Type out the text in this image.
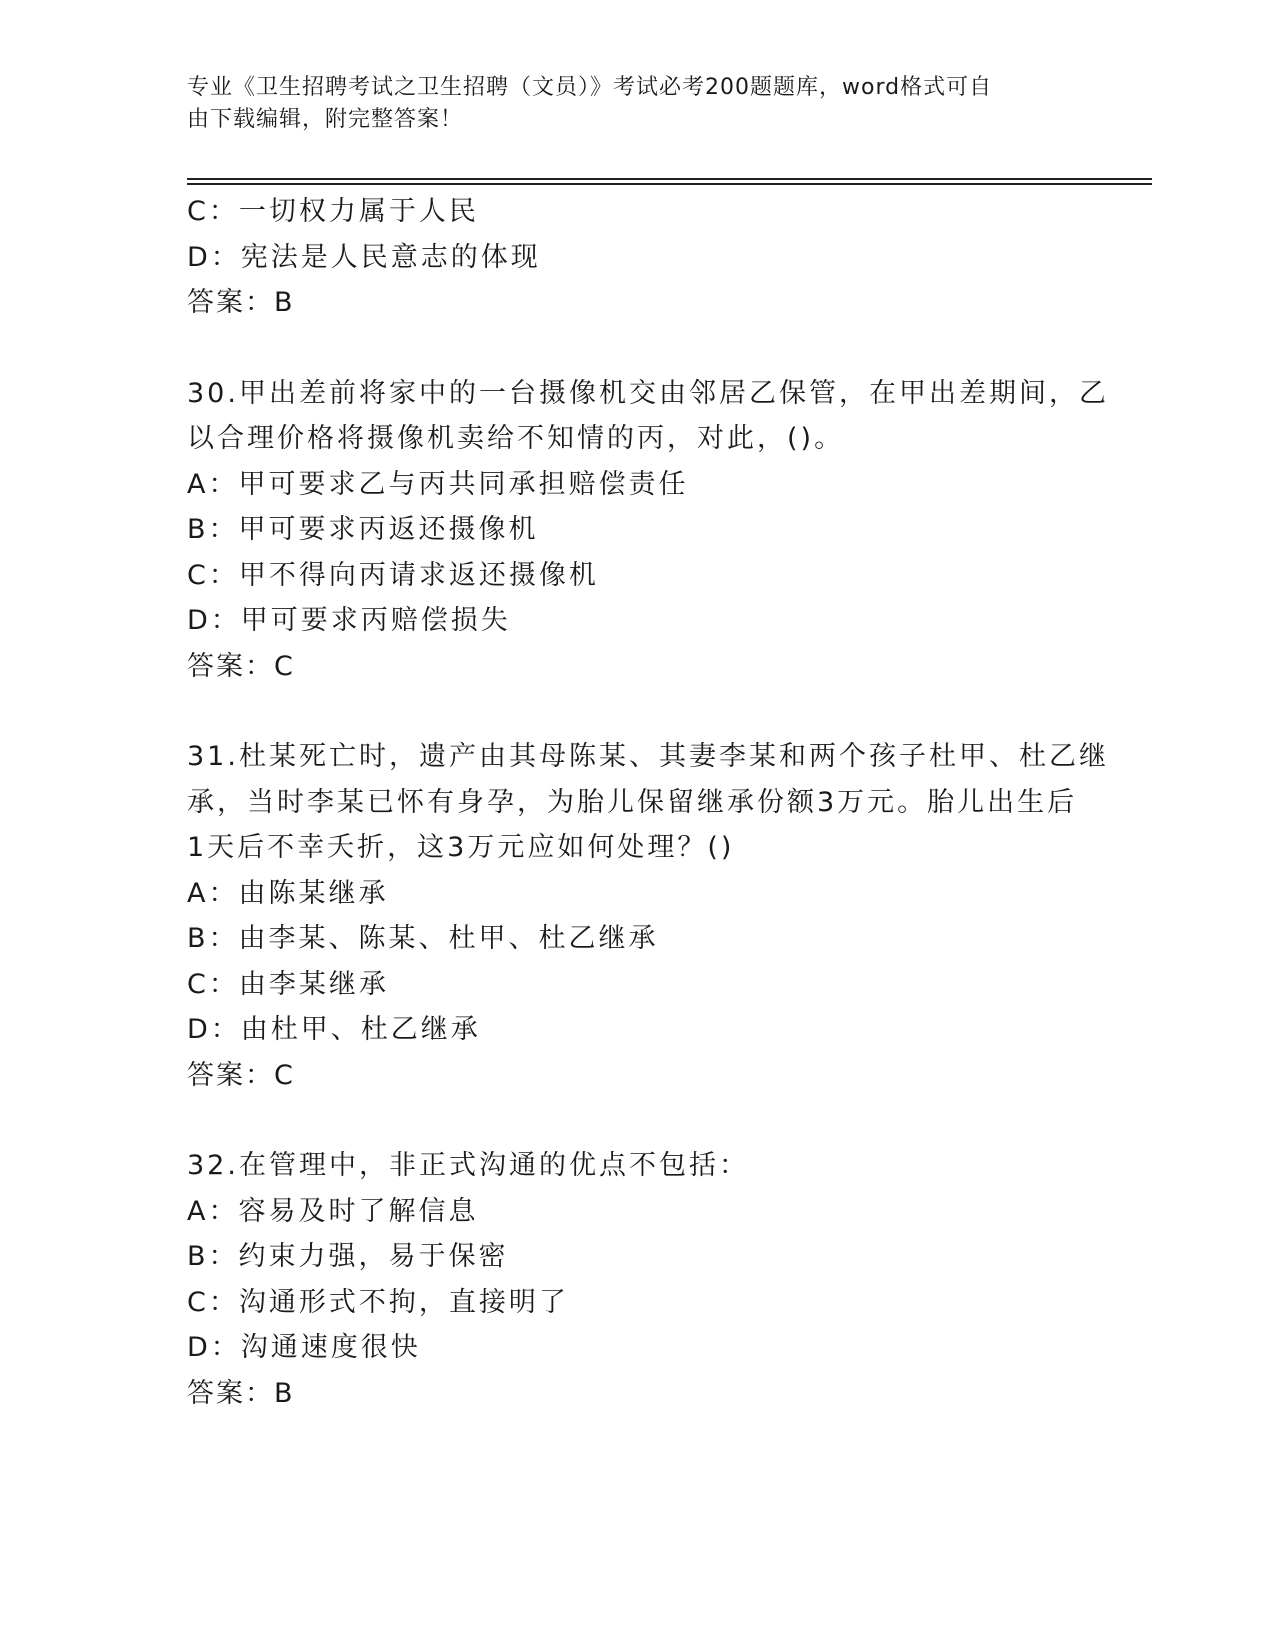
专业《卫生招聘考试之卫生招聘（文员）》考试必考200题题库，word格式可自
由下载编辑，附完整答案！
C：一切权力属于人民
D：宪法是人民意志的体现
答案：B
30.甲出差前将家中的一台摄像机交由邻居乙保管，在甲出差期间，乙
以合理价格将摄像机卖给不知情的丙，对此，()。
A：甲可要求乙与丙共同承担赔偿责任
B：甲可要求丙返还摄像机
C：甲不得向丙请求返还摄像机
D：甲可要求丙赔偿损失
答案：C
31.杜某死亡时，遗产由其母陈某、其妻李某和两个孩子杜甲、杜乙继
承，当时李某已怀有身孕，为胎儿保留继承份额3万元。胎儿出生后
1天后不幸夭折，这3万元应如何处理？()
A：由陈某继承
B：由李某、陈某、杜甲、杜乙继承
C：由李某继承
D：由杜甲、杜乙继承
答案：C
32.在管理中，非正式沟通的优点不包括：
A：容易及时了解信息
B：约束力强，易于保密
C：沟通形式不拘，直接明了
D：沟通速度很快
答案：B
